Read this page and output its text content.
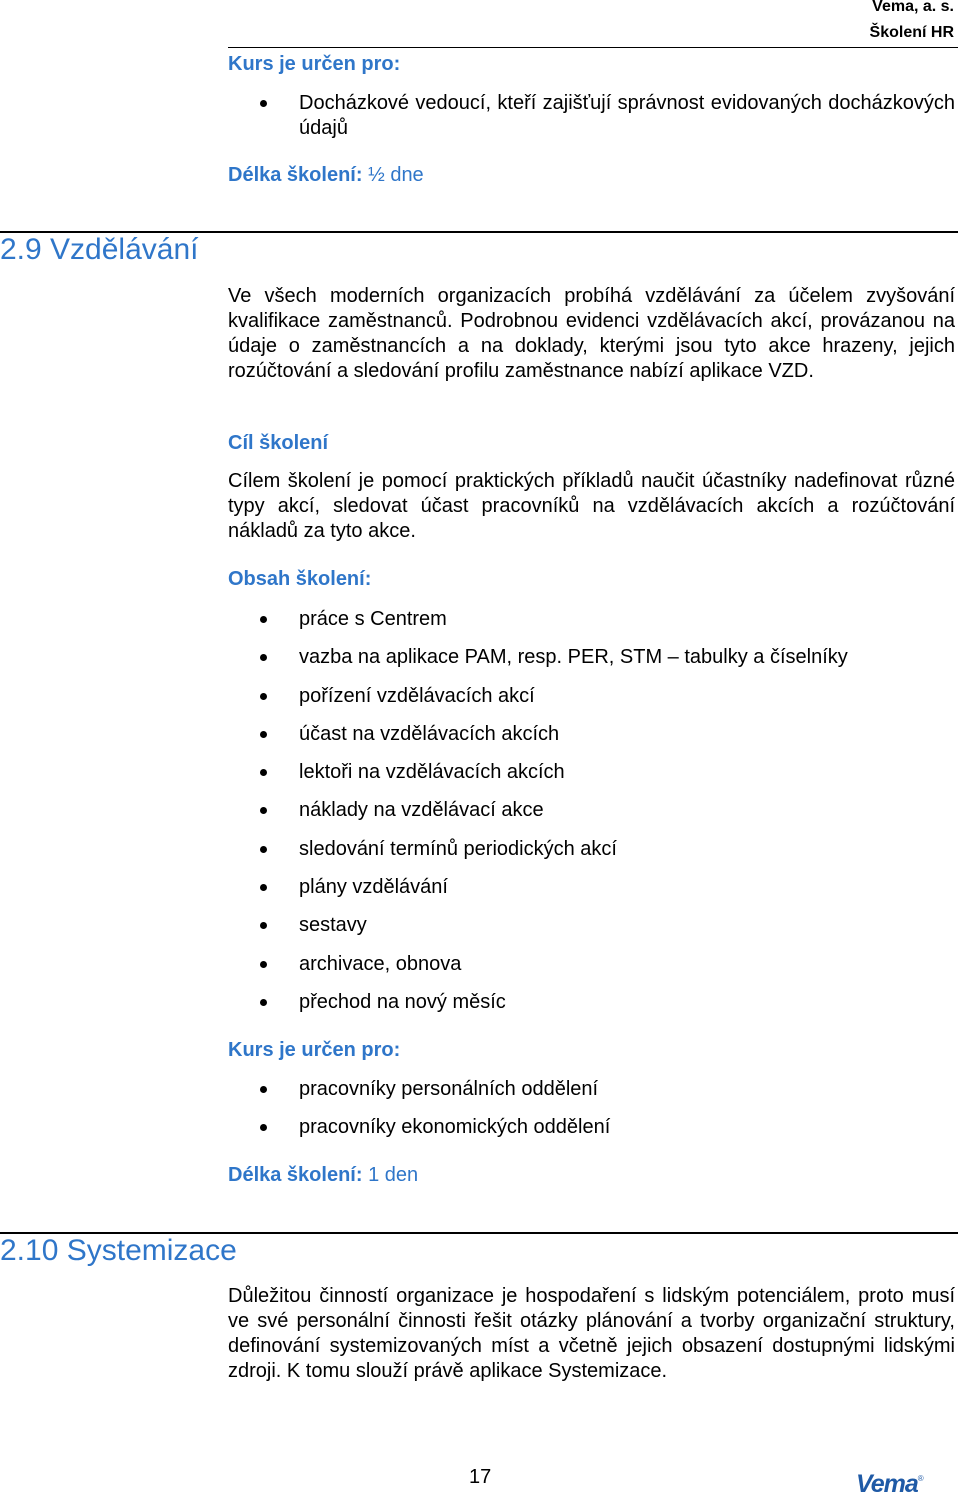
Vema, a. s.
Školení HR
Kurs je určen pro:
Docházkové vedoucí, kteří zajišťují správnost evidovaných docházkových údajů
Délka školení: ½ dne
2.9 Vzdělávání

Ve všech moderních organizacích probíhá vzdělávání za účelem zvyšování kvalifikace zaměstnanců. Podrobnou evidenci vzdělávacích akcí, provázanou na údaje o zaměstnancích a na doklady, kterými jsou tyto akce hrazeny, jejich rozúčtování a sledování profilu zaměstnance nabízí aplikace VZD.

Cíl školení

Cílem školení je pomocí praktických příkladů naučit účastníky nadefinovat různé typy akcí, sledovat účast pracovníků na vzdělávacích akcích a rozúčtování nákladů za tyto akce.

Obsah školení:
práce s Centrem
vazba na aplikace PAM, resp. PER, STM – tabulky a číselníky
pořízení vzdělávacích akcí
účast na vzdělávacích akcích
lektoři na vzdělávacích akcích
náklady na vzdělávací akce
sledování termínů periodických akcí
plány vzdělávání
sestavy
archivace, obnova
přechod na nový měsíc
Kurs je určen pro:
pracovníky personálních oddělení
pracovníky ekonomických oddělení
Délka školení: 1 den
2.10 Systemizace

Důležitou činností organizace je hospodaření s lidským potenciálem, proto musí ve své personální činnosti řešit otázky plánování a tvorby organizační struktury, definování systemizovaných míst a včetně jejich obsazení dostupnými lidskými zdroji. K tomu slouží právě aplikace Systemizace.

17	Vema®
